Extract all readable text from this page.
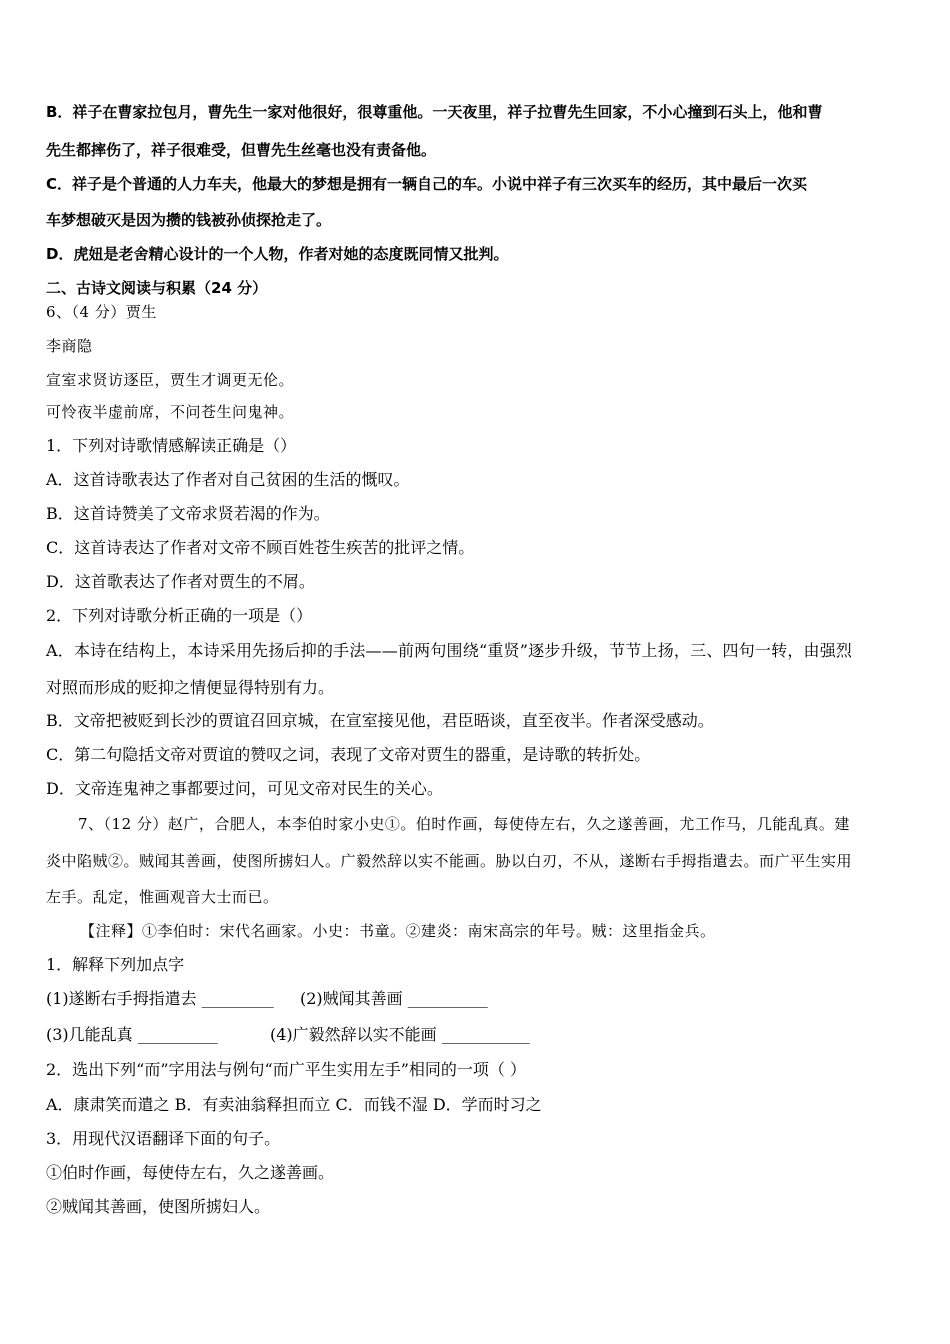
B．祥子在曹家拉包月，曹先生一家对他很好，很尊重他。一天夜里，祥子拉曹先生回家，不小心撞到石头上，他和曹
先生都摔伤了，祥子很难受，但曹先生丝毫也没有责备他。
C．祥子是个普通的人力车夫，他最大的梦想是拥有一辆自己的车。小说中祥子有三次买车的经历，其中最后一次买
车梦想破灭是因为攒的钱被孙侦探抢走了。
D．虎妞是老舍精心设计的一个人物，作者对她的态度既同情又批判。
二、古诗文阅读与积累（24 分）
6、（4 分）贾生
李商隐
宣室求贤访逐臣，贾生才调更无伦。
可怜夜半虚前席，不问苍生问鬼神。
1．下列对诗歌情感解读正确是（）
A．这首诗歌表达了作者对自己贫困的生活的慨叹。
B．这首诗赞美了文帝求贤若渴的作为。
C．这首诗表达了作者对文帝不顾百姓苍生疾苦的批评之情。
D．这首歌表达了作者对贾生的不屑。
2．下列对诗歌分析正确的一项是（）
A．本诗在结构上，本诗采用先扬后抑的手法——前两句围绕“重贤”逐步升级，节节上扬，三、四句一转，由强烈
对照而形成的贬抑之情便显得特别有力。
B．文帝把被贬到长沙的贾谊召回京城，在宣室接见他，君臣晤谈，直至夜半。作者深受感动。
C．第二句隐括文帝对贾谊的赞叹之词，表现了文帝对贾生的器重，是诗歌的转折处。
D．文帝连鬼神之事都要过问，可见文帝对民生的关心。
7、（12 分）赵广，合肥人，本李伯时家小史①。伯时作画，每使侍左右，久之遂善画，尤工作马，几能乱真。建
炎中陷贼②。贼闻其善画，使图所掳妇人。广毅然辞以实不能画。胁以白刃，不从，遂断右手拇指遣去。而广平生实用
左手。乱定，惟画观音大士而已。
【注释】①李伯时：宋代名画家。小史：书童。②建炎：南宋高宗的年号。贼：这里指金兵。
1．解释下列加点字
(1)遂断右手拇指遣去 _________ (2)贼闻其善画 __________
(3)几能乱真 __________	(4)广毅然辞以实不能画 ___________
2．选出下列“而”字用法与例句“而广平生实用左手”相同的一项（ ）
A．康肃笑而遣之 B．有卖油翁释担而立 C．而钱不湿 D．学而时习之
3．用现代汉语翻译下面的句子。
①伯时作画，每使侍左右，久之遂善画。
②贼闻其善画，使图所掳妇人。
